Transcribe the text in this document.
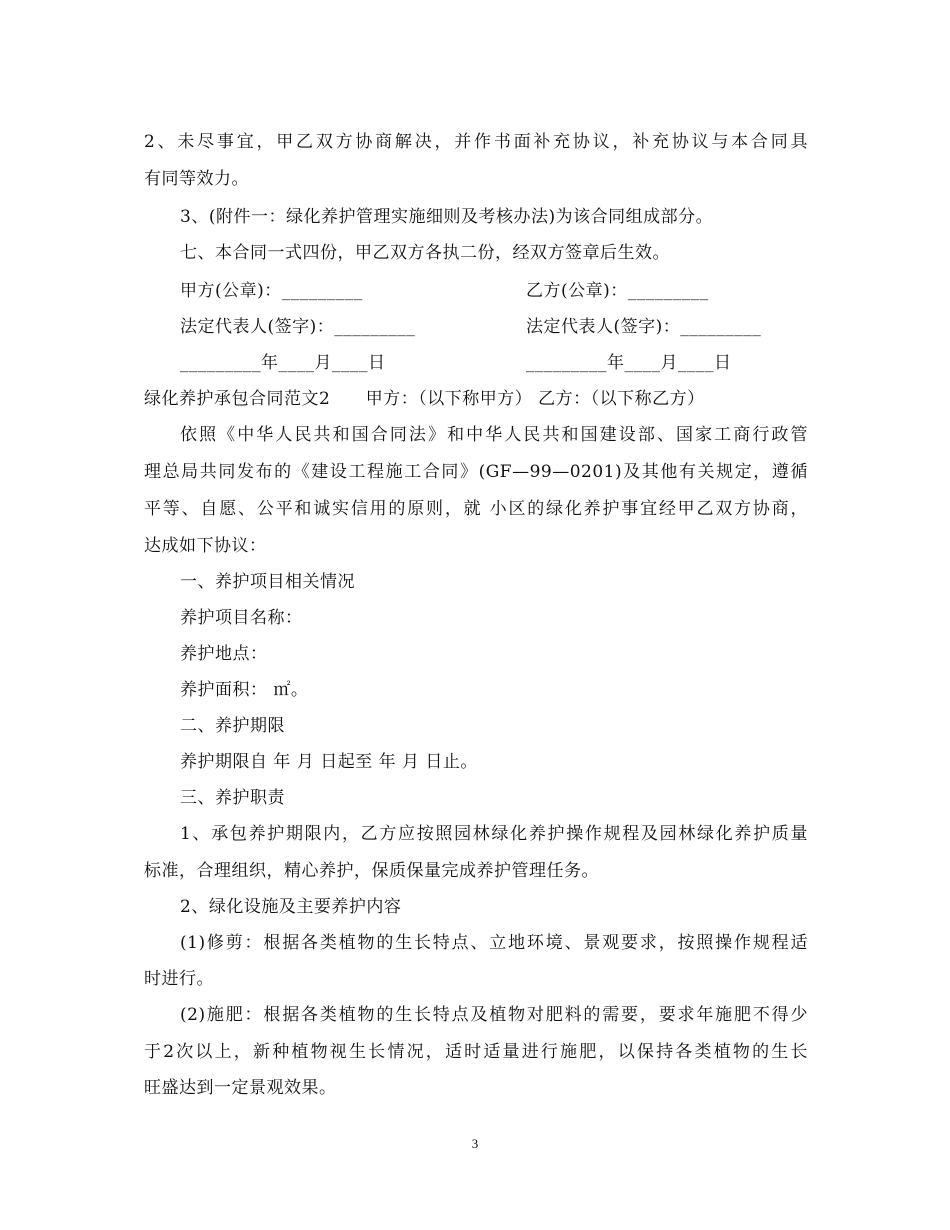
2、未尽事宜，甲乙双方协商解决，并作书面补充协议，补充协议与本合同具
有同等效力。
3、(附件一：绿化养护管理实施细则及考核办法)为该合同组成部分。
七、本合同一式四份，甲乙双方各执二份，经双方签章后生效。
甲方(公章)：_________	乙方(公章)：_________
法定代表人(签字)：_________	法定代表人(签字)：_________
_________年____月____日	_________年____月____日
绿化养护承包合同范文2      甲方：（以下称甲方） 乙方：（以下称乙方）
依照《中华人民共和国合同法》和中华人民共和国建设部、国家工商行政管
理总局共同发布的《建设工程施工合同》(GF—99—0201)及其他有关规定，遵循
平等、自愿、公平和诚实信用的原则，就 小区的绿化养护事宜经甲乙双方协商，
达成如下协议：
一、养护项目相关情况
养护项目名称：
养护地点：
养护面积： ㎡。
二、养护期限
养护期限自 年 月 日起至 年 月 日止。
三、养护职责
1、承包养护期限内，乙方应按照园林绿化养护操作规程及园林绿化养护质量
标准，合理组织，精心养护，保质保量完成养护管理任务。
2、绿化设施及主要养护内容
(1)修剪：根据各类植物的生长特点、立地环境、景观要求，按照操作规程适
时进行。
(2)施肥：根据各类植物的生长特点及植物对肥料的需要，要求年施肥不得少
于2次以上，新种植物视生长情况，适时适量进行施肥，以保持各类植物的生长
旺盛达到一定景观效果。
3
